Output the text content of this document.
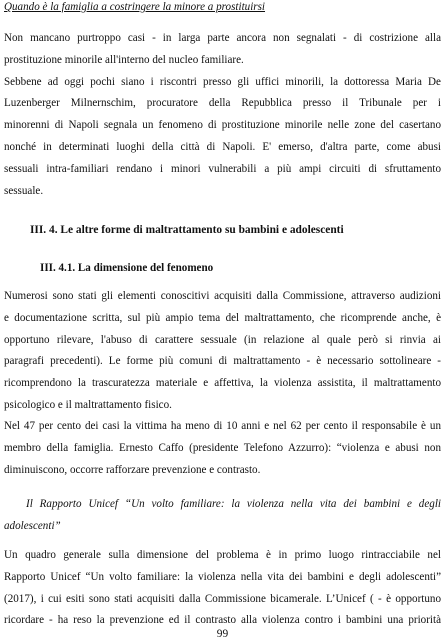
Quando è la famiglia a costringere la minore a prostituirsi
Non mancano purtroppo casi - in larga parte ancora non segnalati - di costrizione alla
prostituzione minorile all'interno del nucleo familiare.
Sebbene ad oggi pochi siano i riscontri presso gli uffici minorili, la dottoressa Maria De
Luzenberger Milnernschim, procuratore della Repubblica presso il Tribunale per i
minorenni di Napoli segnala un fenomeno di prostituzione minorile nelle zone del casertano
nonché in determinati luoghi della città di Napoli. E' emerso, d'altra parte, come abusi
sessuali intra-familiari rendano i minori vulnerabili a più ampi circuiti di sfruttamento
sessuale.
III. 4. Le altre forme di maltrattamento su bambini e adolescenti
III. 4.1. La dimensione del fenomeno
Numerosi sono stati gli elementi conoscitivi acquisiti dalla Commissione, attraverso audizioni
e documentazione scritta, sul più ampio tema del maltrattamento, che ricomprende anche, è
opportuno rilevare, l'abuso di carattere sessuale (in relazione al quale però si rinvia ai
paragrafi precedenti). Le forme più comuni di maltrattamento - è necessario sottolineare -
ricomprendono la trascuratezza materiale e affettiva, la violenza assistita, il maltrattamento
psicologico e il maltrattamento fisico.
Nel 47 per cento dei casi la vittima ha meno di 10 anni e nel 62 per cento il responsabile è un
membro della famiglia. Ernesto Caffo (presidente Telefono Azzurro): “violenza e abusi non
diminuiscono, occorre rafforzare prevenzione e contrasto.
Il Rapporto Unicef “Un volto familiare: la violenza nella vita dei bambini e degli
adolescenti”
Un quadro generale sulla dimensione del problema è in primo luogo rintracciabile nel
Rapporto Unicef “Un volto familiare: la violenza nella vita dei bambini e degli adolescenti”
(2017), i cui esiti sono stati acquisiti dalla Commissione bicamerale. L’Unicef ( - è opportuno
ricordare - ha reso la prevenzione ed il contrasto alla violenza contro i bambini una priorità
99
